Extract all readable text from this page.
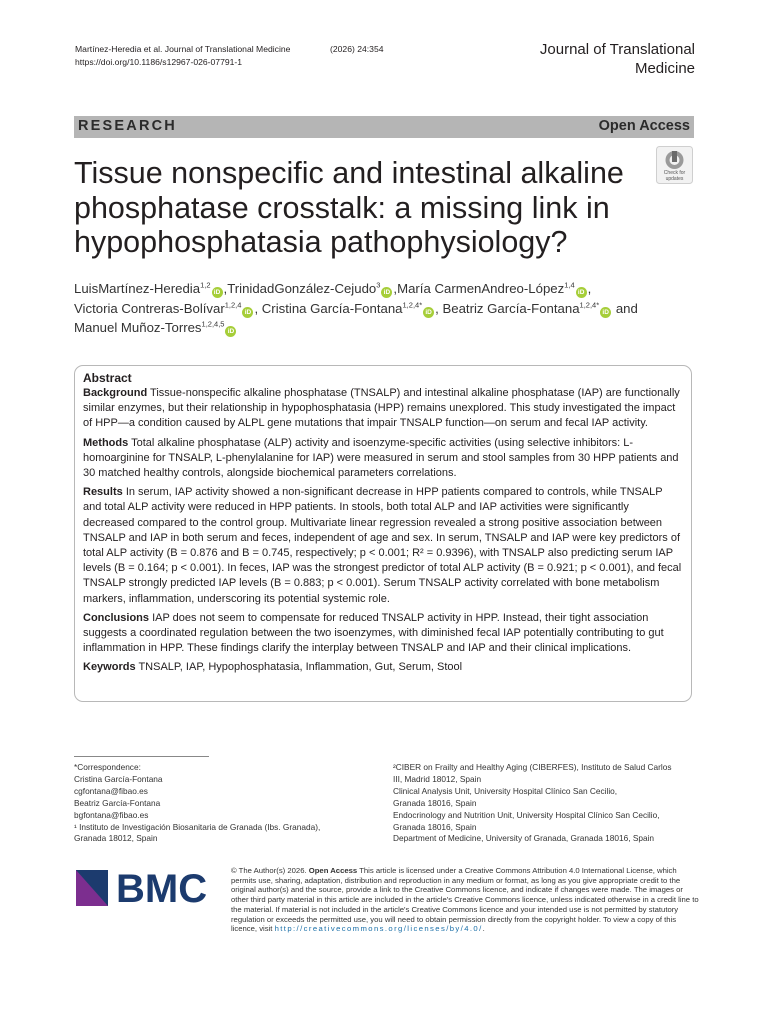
Martínez-Heredia et al. Journal of Translational Medicine	(2026) 24:354
https://doi.org/10.1186/s12967-026-07791-1
Journal of Translational
Medicine
RESEARCH	Open Access
Tissue nonspecific and intestinal alkaline phosphatase crosstalk: a missing link in hypophosphatasia pathophysiology?
Check for
updates
LuisMartínez-Heredia$^{1,2}$iD ,TrinidadGonzález-Cejudo$^3$iD ,María CarmenAndreo-López$^{1,4}$iD ,
Victoria Contreras-Bolívar$^{1,2,4}$iD , Cristina García-Fontana$^{1,2,4*}$iD , Beatriz García-Fontana$^{1,2,4*}$iD and
Manuel Muñoz-Torres$^{1,2,4,5}$iD
Abstract

Background Tissue-nonspecific alkaline phosphatase (TNSALP) and intestinal alkaline phosphatase (IAP) are functionally similar enzymes, but their relationship in hypophosphatasia (HPP) remains unexplored. This study investigated the impact of HPP—a condition caused by ALPL gene mutations that impair TNSALP function—on serum and fecal IAP activity.

Methods Total alkaline phosphatase (ALP) activity and isoenzyme-specific activities (using selective inhibitors: L-homoarginine for TNSALP, L-phenylalanine for IAP) were measured in serum and stool samples from 30 HPP patients and 30 matched healthy controls, alongside biochemical parameters correlations.

Results In serum, IAP activity showed a non-significant decrease in HPP patients compared to controls, while TNSALP and total ALP activity were reduced in HPP patients. In stools, both total ALP and IAP activities were significantly decreased compared to the control group. Multivariate linear regression revealed a strong positive association between TNSALP and IAP in both serum and feces, independent of age and sex. In serum, TNSALP and IAP were key predictors of total ALP activity (B = 0.876 and B = 0.745, respectively; p < 0.001; R² = 0.9396), with TNSALP also predicting serum IAP levels (B = 0.164; p < 0.001). In feces, IAP was the strongest predictor of total ALP activity (B = 0.921; p < 0.001), and fecal TNSALP strongly predicted IAP levels (B = 0.883; p < 0.001). Serum TNSALP activity correlated with bone metabolism markers, inflammation, underscoring its potential systemic role.

Conclusions IAP does not seem to compensate for reduced TNSALP activity in HPP. Instead, their tight association suggests a coordinated regulation between the two isoenzymes, with diminished fecal IAP potentially contributing to gut inflammation in HPP. These findings clarify the interplay between TNSALP and IAP and their clinical implications.

Keywords TNSALP, IAP, Hypophosphatasia, Inflammation, Gut, Serum, Stool

*Correspondence:
Cristina García-Fontana
cgfontana@fibao.es
Beatriz García-Fontana
bgfontana@fibao.es
¹ Instituto de Investigación Biosanitaria de Granada (Ibs. Granada),
Granada 18012, Spain
²CIBER on Frailty and Healthy Aging (CIBERFES), Instituto de Salud Carlos
III, Madrid 18012, Spain
Clinical Analysis Unit, University Hospital Clínico San Cecilio,
Granada 18016, Spain
Endocrinology and Nutrition Unit, University Hospital Clínico San Cecilio,
Granada 18016, Spain
Department of Medicine, University of Granada, Granada 18016, Spain
BMC	© The Author(s) 2026. Open Access This article is licensed under a Creative Commons Attribution 4.0 International License, which permits use, sharing, adaptation, distribution and reproduction in any medium or format, as long as you give appropriate credit to the original author(s) and the source, provide a link to the Creative Commons licence, and indicate if changes were made. The images or other third party material in this article are included in the article's Creative Commons licence, unless indicated otherwise in a credit line to the material. If material is not included in the article's Creative Commons licence and your intended use is not permitted by statutory regulation or exceeds the permitted use, you will need to obtain permission directly from the copyright holder. To view a copy of this licence, visit http://creativecommons.org/licenses/by/4.0/.
